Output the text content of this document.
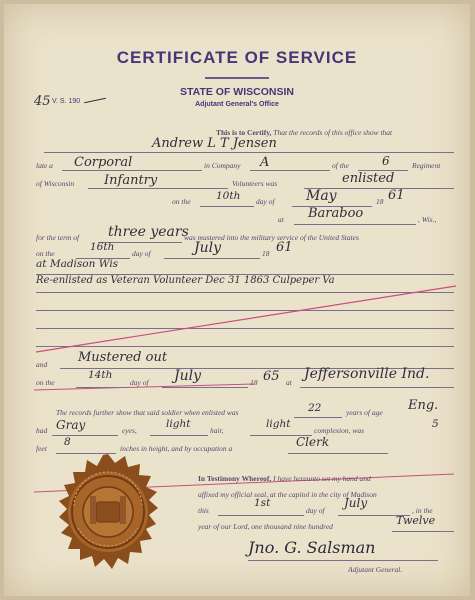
45 V. S. 190
CERTIFICATE OF SERVICE
STATE OF WISCONSIN
Adjutant General's Office
This is to Certify, That the records of this office show that
Andrew L T Jensen
late a Corporal	in Company A	of the	6	Regiment
of Wisconsin Infantry	Volunteers was	enlisted
on the 10th day of May	18 61
at Baraboo	, Wis.,
for the term of three years
was mustered into the military service of the United States
on the
16th
day of	July	18 61
at Madison Wis
Re-enlisted as Veteran Volunteer Dec 31 1863 Culpeper Va
and Mustered out
on the
14th
day of July	18 65 at
Jeffersonville Ind.
The records further show that said soldier when enlisted was	22	years of age Eng.
had Gray	eyes,
light
hair,
light
complexion, was
5
feet
8
inches in height, and by occupation a	Clerk
In Testimony Whereof, I have hereunto set my hand and
affixed my official seal, at the capitol in the city of Madison
this
1st
day of
July
, in the
year of our Lord, one thousand nine hundred	Twelve
Jno. G. Salsman
Adjutant General.
